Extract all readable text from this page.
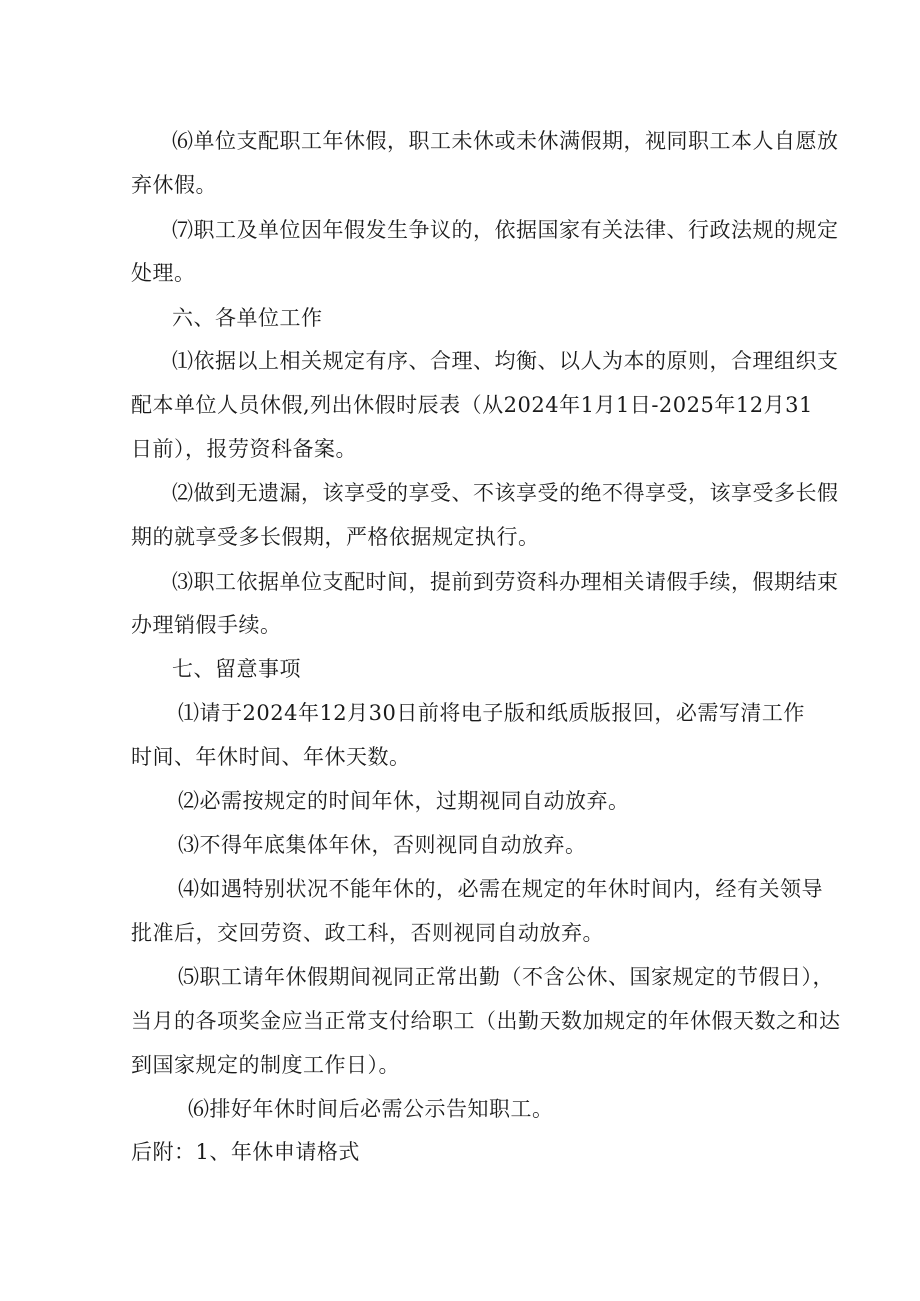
⑹单位支配职工年休假，职工未休或未休满假期，视同职工本人自愿放
弃休假。
⑺职工及单位因年假发生争议的，依据国家有关法律、行政法规的规定
处理。
六、各单位工作
⑴依据以上相关规定有序、合理、均衡、以人为本的原则，合理组织支
配本单位人员休假,列出休假时辰表（从2024年1月1日-2025年12月31
日前），报劳资科备案。
⑵做到无遗漏，该享受的享受、不该享受的绝不得享受，该享受多长假
期的就享受多长假期，严格依据规定执行。
⑶职工依据单位支配时间，提前到劳资科办理相关请假手续，假期结束
办理销假手续。
七、留意事项
⑴请于2024年12月30日前将电子版和纸质版报回，必需写清工作
时间、年休时间、年休天数。
⑵必需按规定的时间年休，过期视同自动放弃。
⑶不得年底集体年休，否则视同自动放弃。
⑷如遇特别状况不能年休的，必需在规定的年休时间内，经有关领导
批准后，交回劳资、政工科，否则视同自动放弃。
⑸职工请年休假期间视同正常出勤（不含公休、国家规定的节假日），
当月的各项奖金应当正常支付给职工（出勤天数加规定的年休假天数之和达
到国家规定的制度工作日）。
⑹排好年休时间后必需公示告知职工。
后附：1、年休申请格式
